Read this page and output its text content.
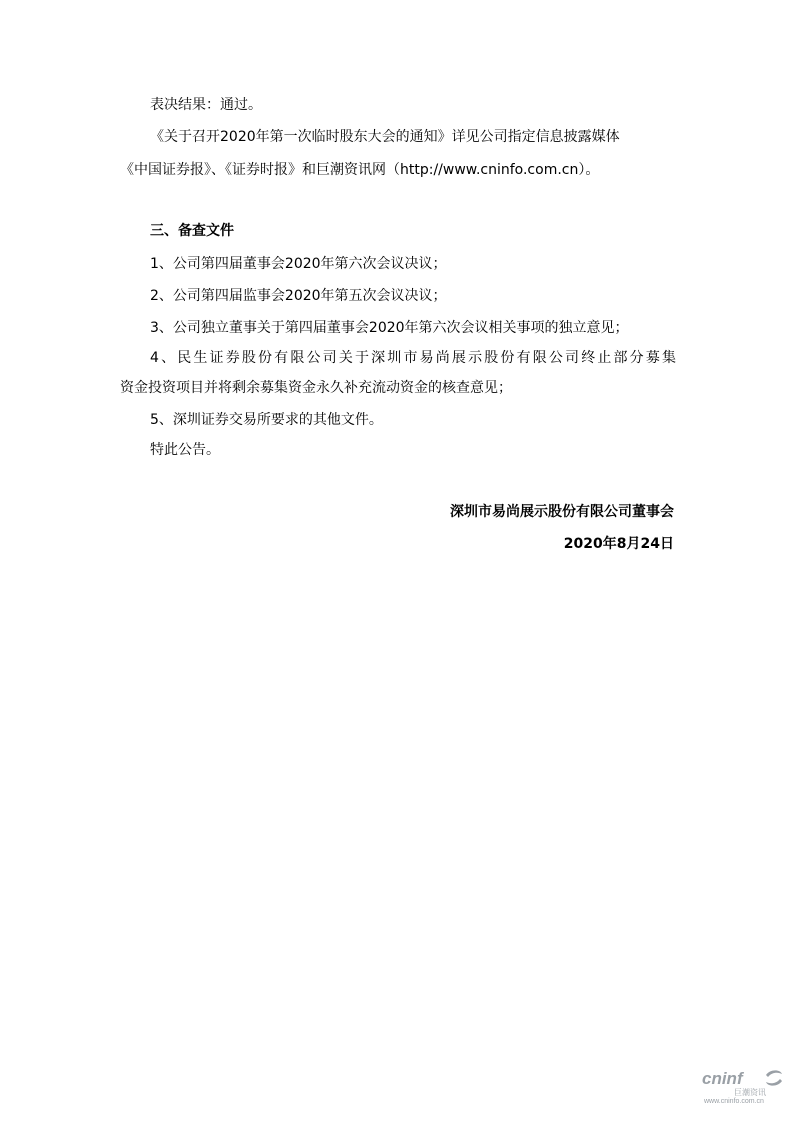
表决结果：通过。
《关于召开2020年第一次临时股东大会的通知》详见公司指定信息披露媒体
《中国证券报》、《证券时报》和巨潮资讯网（http://www.cninfo.com.cn）。
三、备查文件
1、公司第四届董事会2020年第六次会议决议；
2、公司第四届监事会2020年第五次会议决议；
3、公司独立董事关于第四届董事会2020年第六次会议相关事项的独立意见；
4、民生证券股份有限公司关于深圳市易尚展示股份有限公司终止部分募集
资金投资项目并将剩余募集资金永久补充流动资金的核查意见；
5、深圳证券交易所要求的其他文件。
特此公告。
深圳市易尚展示股份有限公司董事会
2020年8月24日
cninf
巨潮资讯
www.cninfo.com.cn
